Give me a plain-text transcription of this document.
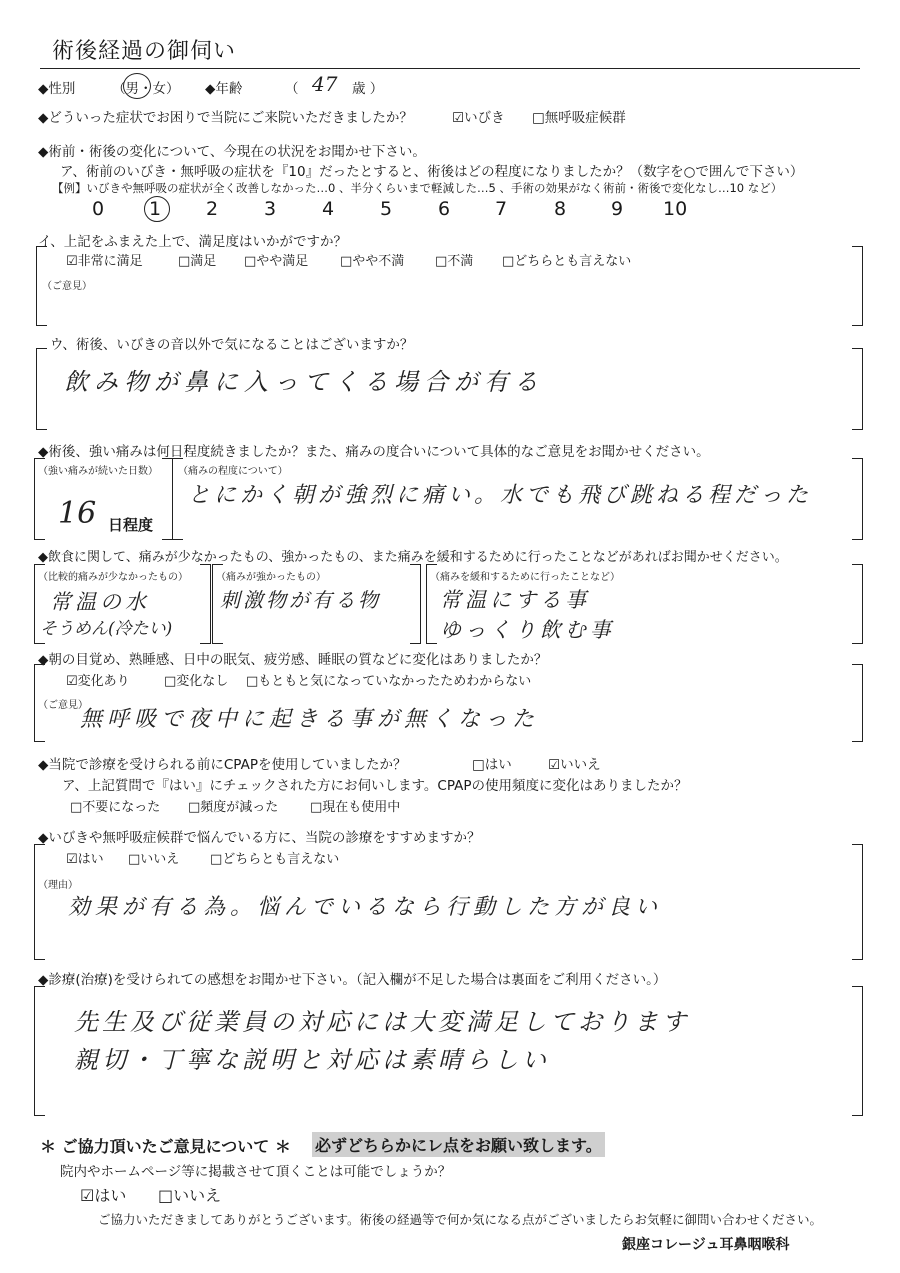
術後経過の御伺い
◆性別	（男・女） ◆年齢	（ 47 歳 ）
◆どういった症状でお困りで当院にご来院いただきましたか？	☑いびき □無呼吸症候群
◆術前・術後の変化について、今現在の状況をお聞かせ下さい。
ア、術前のいびき・無呼吸の症状を『10』だったとすると、術後はどの程度になりましたか？（数字を○で囲んで下さい）
【例】いびきや無呼吸の症状が全く改善しなかった…0 、半分くらいまで軽減した…5 、手術の効果がなく術前・術後で変化なし…10 など）
0 1 2 3 4 5 6 7 8 9 10
イ、上記をふまえた上で、満足度はいかがですか？
☑非常に満足	□満足 □やや満足 □やや不満 □不満 □どちらとも言えない
（ご意見）
ウ、術後、いびきの音以外で気になることはございますか？
飲み物が鼻に入ってくる場合が有る
◆術後、強い痛みは何日程度続きましたか？また、痛みの度合いについて具体的なご意見をお聞かせください。
（強い痛みが続いた日数）
16 日程度
（痛みの程度について）
とにかく朝が強烈に痛い。水でも飛び跳ねる程だった
◆飲食に関して、痛みが少なかったもの、強かったもの、また痛みを緩和するために行ったことなどがあればお聞かせください。
（比較的痛みが少なかったもの）
常温の水
そうめん(冷たい)
（痛みが強かったもの）
刺激物が有る物
（痛みを緩和するために行ったことなど）
常温にする事
ゆっくり飲む事
◆朝の目覚め、熟睡感、日中の眠気、疲労感、睡眠の質などに変化はありましたか？
☑変化あり	□変化なし □もともと気になっていなかったためわからない
（ご意見）
無呼吸で夜中に起きる事が無くなった
◆当院で診療を受けられる前にCPAPを使用していましたか？	□はい	☑いいえ
ア、上記質問で『はい』にチェックされた方にお伺いします。CPAPの使用頻度に変化はありましたか？
□不要になった □頻度が減った □現在も使用中
◆いびきや無呼吸症候群で悩んでいる方に、当院の診療をすすめますか？
☑はい □いいえ □どちらとも言えない
（理由）
効果が有る為。悩んでいるなら行動した方が良い
◆診療(治療)を受けられての感想をお聞かせ下さい。（記入欄が不足した場合は裏面をご利用ください。）
先生及び従業員の対応には大変満足しております
親切・丁寧な説明と対応は素晴らしい
＊ ご協力頂いたご意見について ＊ 必ずどちらかにレ点をお願い致します。
院内やホームページ等に掲載させて頂くことは可能でしょうか？
☑はい □いいえ
ご協力いただきましてありがとうございます。術後の経過等で何か気になる点がございましたらお気軽に御問い合わせください。
銀座コレージュ耳鼻咽喉科
